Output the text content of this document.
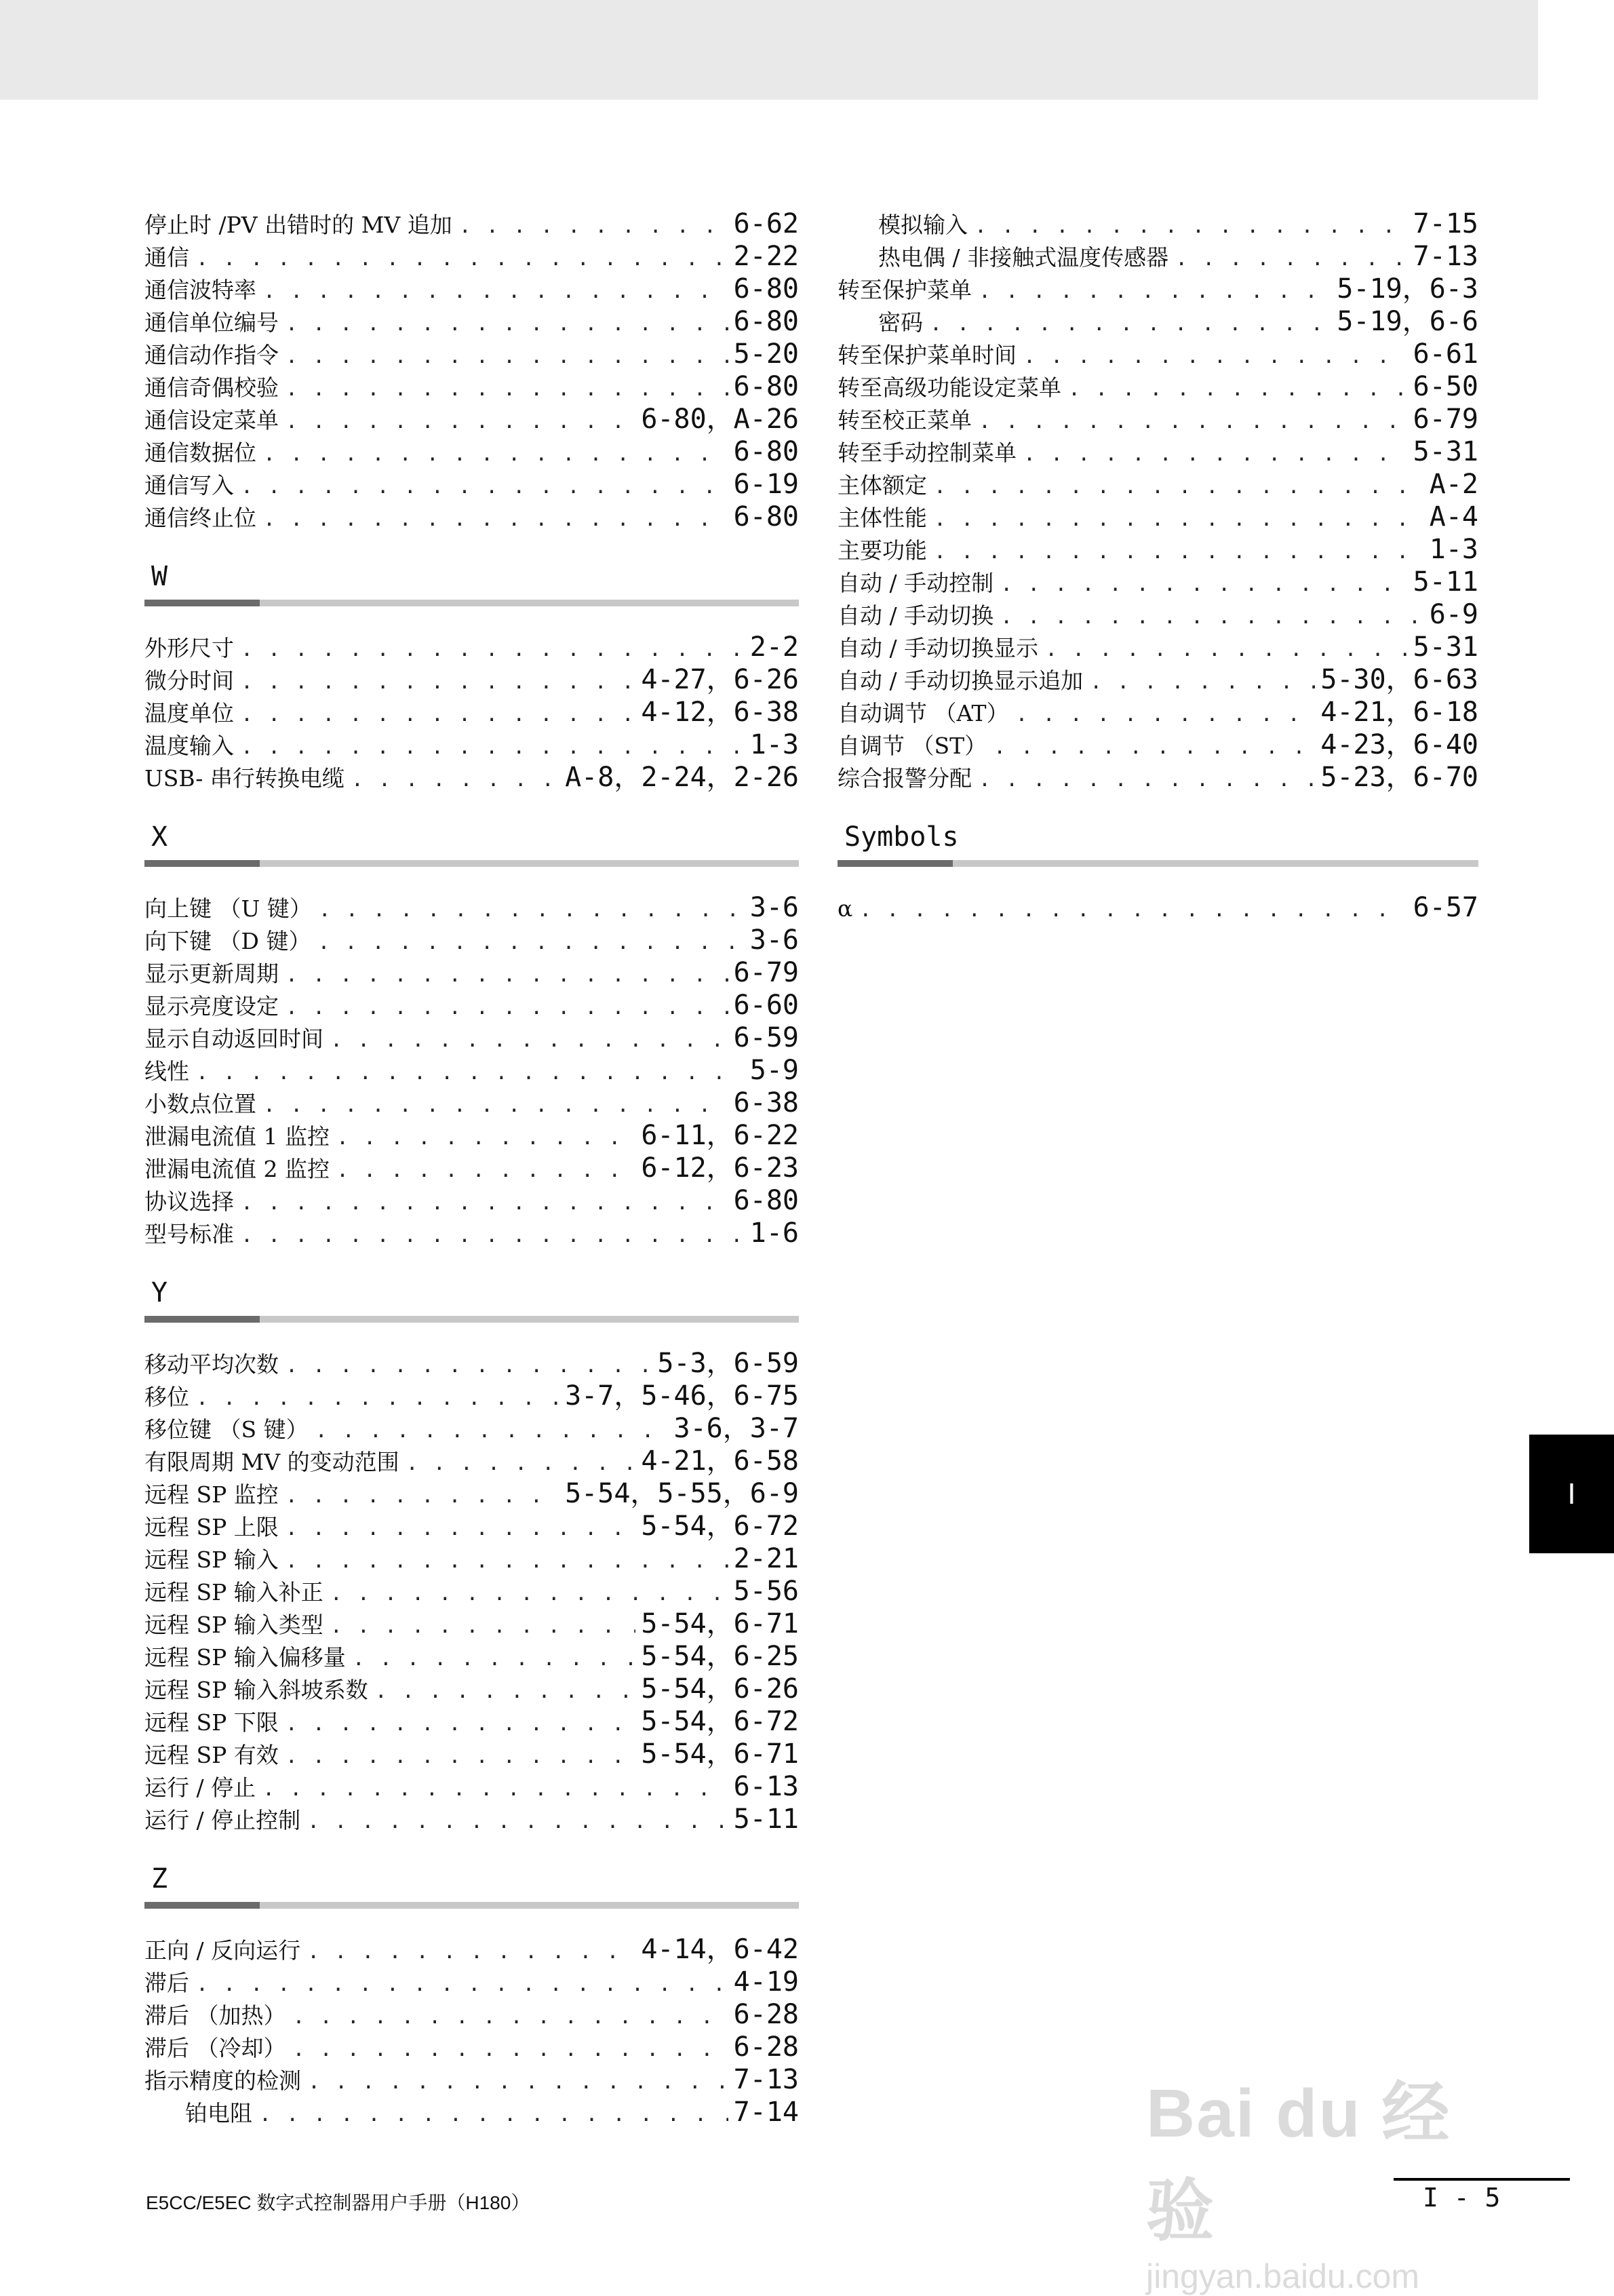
停止时 /PV 出错时的 MV 追加 . . .	6-62
通信 . . .	2-22
通信波特率 . . .	6-80
通信单位编号 . . .	6-80
通信动作指令 . . .	5-20
通信奇偶校验 . . .	6-80
通信设定菜单 . . .	6-80，A-26
通信数据位 . . .	6-80
通信写入 . . .	6-19
通信终止位 . . .	6-80
W
外形尺寸 . . .	2-2
微分时间 . . .	4-27，6-26
温度单位 . . .	4-12，6-38
温度输入 . . .	1-3
USB- 串行转换电缆 . . .	A-8，2-24，2-26
X
向上键 （U 键） . . .	3-6
向下键 （D 键） . . .	3-6
显示更新周期 . . .	6-79
显示亮度设定 . . .	6-60
显示自动返回时间 . . .	6-59
线性 . . .	5-9
小数点位置 . . .	6-38
泄漏电流值 1 监控 . . .	6-11，6-22
泄漏电流值 2 监控 . . .	6-12，6-23
协议选择 . . .	6-80
型号标准 . . .	1-6
Y
移动平均次数 . . .	5-3，6-59
移位 . . .	3-7，5-46，6-75
移位键 （S 键） . . .	3-6，3-7
有限周期 MV 的变动范围 . . .	4-21，6-58
远程 SP 监控 . . .	5-54，5-55，6-9
远程 SP 上限 . . .	5-54，6-72
远程 SP 输入 . . .	2-21
远程 SP 输入补正 . . .	5-56
远程 SP 输入类型 . . .	5-54，6-71
远程 SP 输入偏移量 . . .	5-54，6-25
远程 SP 输入斜坡系数 . . .	5-54，6-26
远程 SP 下限 . . .	5-54，6-72
远程 SP 有效 . . .	5-54，6-71
运行 / 停止 . . .	6-13
运行 / 停止控制 . . .	5-11
Z
正向 / 反向运行 . . .	4-14，6-42
滞后 . . .	4-19
滞后 （加热） . . .	6-28
滞后 （冷却） . . .	6-28
指示精度的检测 . . .	7-13
铂电阻 . . .	7-14
模拟输入 . . .	7-15
热电偶 / 非接触式温度传感器 . . .	7-13
转至保护菜单 . . .	5-19，6-3
密码 . . .	5-19，6-6
转至保护菜单时间 . . .	6-61
转至高级功能设定菜单 . . .	6-50
转至校正菜单 . . .	6-79
转至手动控制菜单 . . .	5-31
主体额定 . . .	A-2
主体性能 . . .	A-4
主要功能 . . .	1-3
自动 / 手动控制 . . .	5-11
自动 / 手动切换 . . .	6-9
自动 / 手动切换显示 . . .	5-31
自动 / 手动切换显示追加 . . .	5-30，6-63
自动调节 （AT） . . .	4-21，6-18
自调节 （ST） . . .	4-23，6-40
综合报警分配 . . .	5-23，6-70
Symbols
α . . .	6-57
I
E5CC/E5EC 数字式控制器用户手册（H180）	I - 5
Bai du 经验
jingyan.baidu.com
